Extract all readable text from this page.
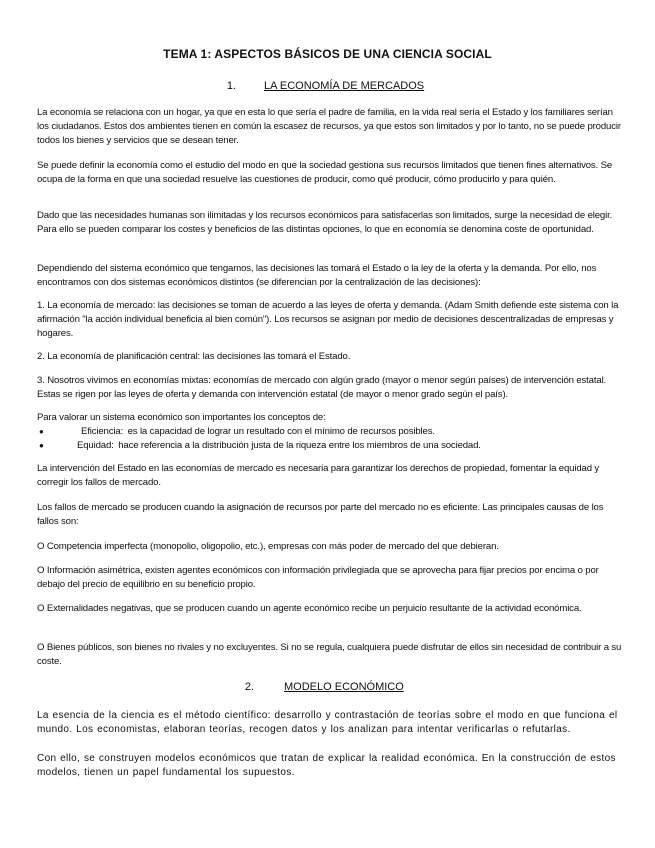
TEMA 1: ASPECTOS BÁSICOS DE UNA CIENCIA SOCIAL
1.	LA ECONOMÍA DE MERCADOS
La economía se relaciona con un hogar, ya que en esta lo que sería el padre de familia, en la vida real sería el Estado y los familiares serían los ciudadanos. Estos dos ambientes tienen en común la escasez de recursos, ya que estos son limitados y por lo tanto, no se puede producir todos los bienes y servicios que se desean tener.
Se puede definir la economía como el estudio del modo en que la sociedad gestiona sus recursos limitados que tienen fines alternativos. Se ocupa de la forma en que una sociedad resuelve las cuestiones de producir, como qué producir, cómo producirlo y para quién.
Dado que las necesidades humanas son ilimitadas y los recursos económicos para satisfacerlas son limitados, surge la necesidad de elegir. Para ello se pueden comparar los costes y beneficios de las distintas opciones, lo que en economía se denomina coste de oportunidad.
Dependiendo del sistema económico que tengamos, las decisiones las tomará el Estado o la ley de la oferta y la demanda. Por ello, nos encontramos con dos sistemas económicos distintos (se diferencian por la centralización de las decisiones):
1. La economía de mercado: las decisiones se toman de acuerdo a las leyes de oferta y demanda. (Adam Smith defiende este sistema con la afirmación "la acción individual beneficia al bien común"). Los recursos se asignan por medio de decisiones descentralizadas de empresas y hogares.
2. La economía de planificación central: las decisiones las tomará el Estado.
3. Nosotros vivimos en economías mixtas: economías de mercado con algún grado (mayor o menor según países) de intervención estatal. Estas se rigen por las leyes de oferta y demanda con intervención estatal (de mayor o menor grado según el país).
Para valorar un sistema económico son importantes los conceptos de:
●	Eficiencia: es la capacidad de lograr un resultado con el mínimo de recursos posibles.
●	Equidad: hace referencia a la distribución justa de la riqueza entre los miembros de una sociedad.
La intervención del Estado en las economías de mercado es necesaria para garantizar los derechos de propiedad, fomentar la equidad y corregir los fallos de mercado.
Los fallos de mercado se producen cuando la asignación de recursos por parte del mercado no es eficiente. Las principales causas de los fallos son:
O Competencia imperfecta (monopolio, oligopolio, etc.), empresas con más poder de mercado del que debieran.
O Información asimétrica, existen agentes económicos con información privilegiada que se aprovecha para fijar precios por encima o por debajo del precio de equilibrio en su beneficio propio.
O Externalidades negativas, que se producen cuando un agente económico recibe un perjuicio resultante de la actividad económica.
O Bienes públicos, son bienes no rivales y no excluyentes. Si no se regula, cualquiera puede disfrutar de ellos sin necesidad de contribuir a su coste.
2.	MODELO ECONÓMICO
La esencia de la ciencia es el método científico: desarrollo y contrastación de teorías sobre el modo en que funciona el mundo. Los economistas, elaboran teorías, recogen datos y los analizan para intentar verificarlas o refutarlas.
Con ello, se construyen modelos económicos que tratan de explicar la realidad económica. En la construcción de estos modelos, tienen un papel fundamental los supuestos.
